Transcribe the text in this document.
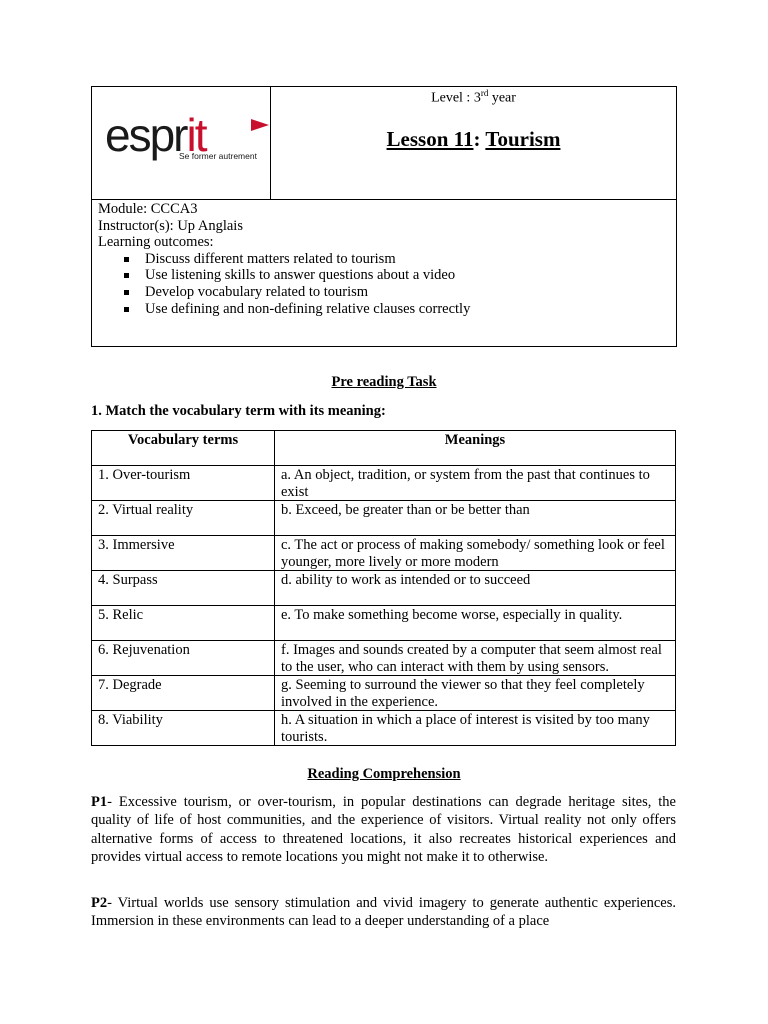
esprit
Se former autrement
Level : 3rd year
Lesson 11: Tourism
Module: CCCA3
Instructor(s): Up Anglais
Learning outcomes:
Discuss different matters related to tourism
Use listening skills to answer questions about a video
Develop vocabulary related to tourism
Use defining and non-defining relative clauses correctly
Pre reading Task
1. Match the vocabulary term with its meaning:
Vocabulary terms	Meanings
1. Over-tourism	a. An object, tradition, or system from the past that continues to exist
2. Virtual reality	b. Exceed, be greater than or be better than
3. Immersive	c. The act or process of making somebody/ something look or feel younger, more lively or more modern
4. Surpass	d. ability to work as intended or to succeed
5. Relic	e. To make something become worse, especially in quality.
6. Rejuvenation	f. Images and sounds created by a computer that seem almost real to the user, who can interact with them by using sensors.
7. Degrade	g. Seeming to surround the viewer so that they feel completely involved in the experience.
8. Viability	h. A situation in which a place of interest is visited by too many tourists.
Reading Comprehension
P1- Excessive tourism, or over-tourism, in popular destinations can degrade heritage sites, the quality of life of host communities, and the experience of visitors. Virtual reality not only offers alternative forms of access to threatened locations, it also recreates historical experiences and provides virtual access to remote locations you might not make it to otherwise.
P2- Virtual worlds use sensory stimulation and vivid imagery to generate authentic experiences. Immersion in these environments can lead to a deeper understanding of a place
